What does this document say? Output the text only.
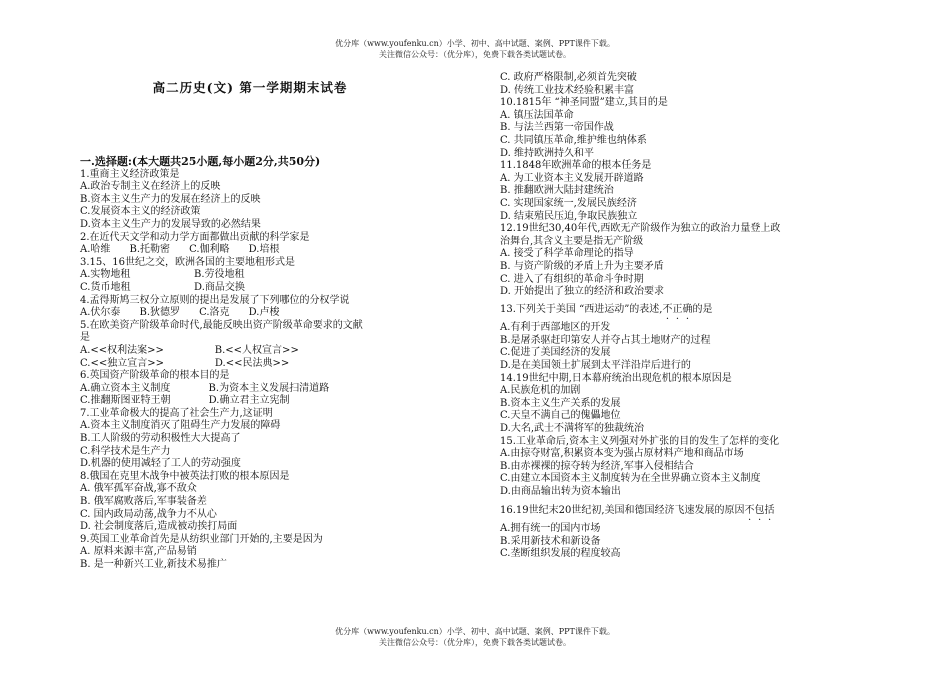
优分库（www.youfenku.cn）小学、初中、高中试题、案例、PPT课件下载。
关注微信公众号：（优分库），免费下载各类试题试卷。
高二历史(文) 第一学期期末试卷
一.选择题:(本大题共25小题,每小题2分,共50分)
1.重商主义经济政策是
A.政治专制主义在经济上的反映
B.资本主义生产力的发展在经济上的反映
C.发展资本主义的经济政策
D.资本主义生产力的发展导致的必然结果
2.在近代天文学和动力学方面都做出贡献的科学家是
A.哈维      B.托勒密      C.伽利略      D.培根
3.15、16世纪之交，欧洲各国的主要地租形式是
A.实物地租                    B.劳役地租
C.货币地租                    D.商品交换
4.孟得斯鸠三权分立原则的提出是发展了下列哪位的分权学说
A.伏尔泰      B.狄德罗      C.洛克      D.卢梭
5.在欧美资产阶级革命时代,最能反映出资产阶级革命要求的文献
是
A.<<权利法案>>                B.<<人权宣言>>
C.<<独立宣言>>                D.<<民法典>>
6.英国资产阶级革命的根本目的是
A.确立资本主义制度            B.为资本主义发展扫清道路
C.推翻斯图亚特王朝            D.确立君主立宪制
7.工业革命极大的提高了社会生产力,这证明
A.资本主义制度消灭了阻碍生产力发展的障碍
B.工人阶级的劳动积极性大大提高了
C.科学技术是生产力
D.机器的使用减轻了工人的劳动强度
8.俄国在克里木战争中被英法打败的根本原因是
A. 俄军孤军奋战,寡不敌众
B. 俄军腐败落后,军事装备差
C. 国内政局动荡,战争力不从心
D. 社会制度落后,造成被动挨打局面
9.英国工业革命首先是从纺织业部门开始的,主要是因为
A. 原料来源丰富,产品易销
B. 是一种新兴工业,新技术易推广
C. 政府严格限制,必须首先突破
D. 传统工业技术经验积累丰富
10.1815年 “神圣同盟”建立,其目的是
A. 镇压法国革命
B. 与法兰西第一帝国作战
C. 共同镇压革命,维护维也纳体系
D. 维持欧洲持久和平
11.1848年欧洲革命的根本任务是
A. 为工业资本主义发展开辟道路
B. 推翻欧洲大陆封建统治
C. 实现国家统一,发展民族经济
D. 结束殖民压迫,争取民族独立
12.19世纪30,40年代,西欧无产阶级作为独立的政治力量登上政
治舞台,其含义主要是指无产阶级
A. 接受了科学革命理论的指导
B. 与资产阶级的矛盾上升为主要矛盾
C. 进入了有组织的革命斗争时期
D. 开始提出了独立的经济和政治要求
13.下列关于美国 “西进运动”的表述,不正确的是
A.有利于西部地区的开发
B.是屠杀驱赶印第安人并夺占其土地财产的过程
C.促进了美国经济的发展
D.是在美国领土扩展到太平洋沿岸后进行的
14.19世纪中期,日本幕府统治出现危机的根本原因是
A.民族危机的加剧
B.资本主义生产关系的发展
C.天皇不满自己的傀儡地位
D.大名,武士不满将军的独裁统治
15.工业革命后,资本主义列强对外扩张的目的发生了怎样的变化
A.由掠夺财富,积累资本变为强占原材料产地和商品市场
B.由赤裸裸的掠夺转为经济,军事入侵相结合
C.由建立本国资本主义制度转为在全世界确立资本主义制度
D.由商品输出转为资本输出
16.19世纪末20世纪初,美国和德国经济飞速发展的原因不包括
A.拥有统一的国内市场
B.采用新技术和新设备
C.垄断组织发展的程度较高
优分库（www.youfenku.cn）小学、初中、高中试题、案例、PPT课件下载。
关注微信公众号：（优分库），免费下载各类试题试卷。
